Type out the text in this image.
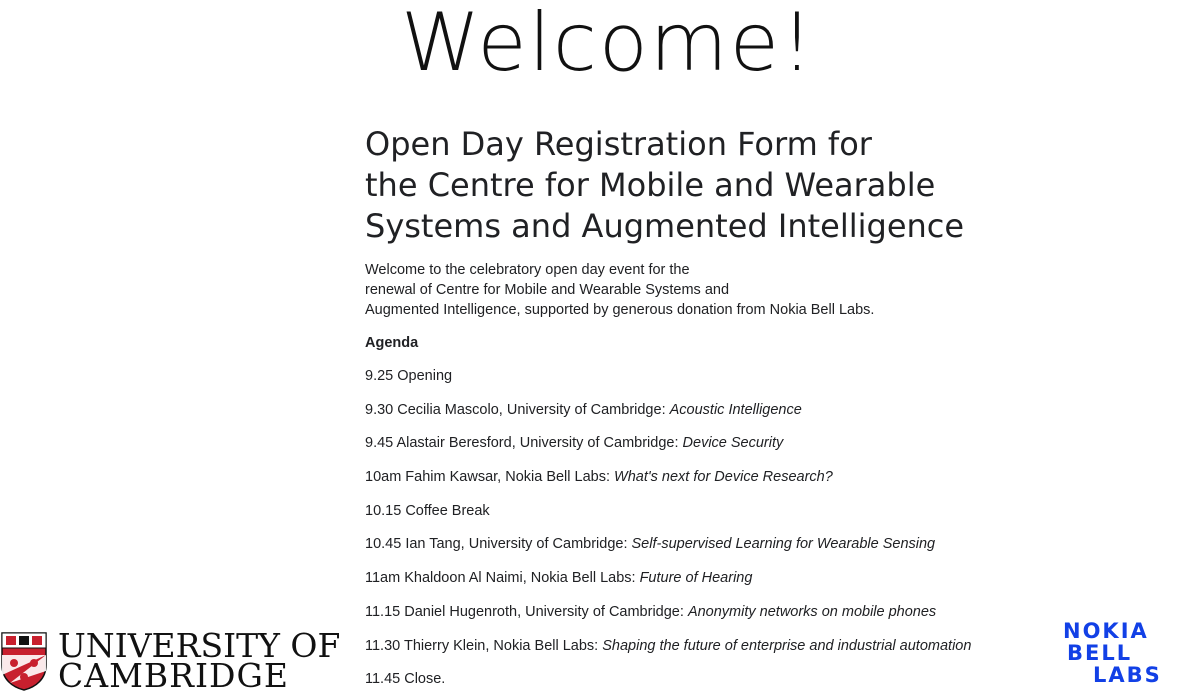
Welcome!
Open Day Registration Form for
the Centre for Mobile and Wearable
Systems and Augmented Intelligence
Welcome to the celebratory open day event for the
renewal of Centre for Mobile and Wearable Systems and
Augmented Intelligence, supported by generous donation from Nokia Bell Labs.
Agenda
9.25 Opening
9.30 Cecilia Mascolo, University of Cambridge: Acoustic Intelligence
9.45 Alastair Beresford, University of Cambridge: Device Security
10am Fahim Kawsar, Nokia Bell Labs: What's next for Device Research?
10.15 Coffee Break
10.45 Ian Tang, University of Cambridge: Self-supervised Learning for Wearable Sensing
11am Khaldoon Al Naimi, Nokia Bell Labs: Future of Hearing
11.15 Daniel Hugenroth, University of Cambridge: Anonymity networks on mobile phones
11.30 Thierry Klein, Nokia Bell Labs: Shaping the future of enterprise and industrial automation
11.45 Close.
UNIVERSITY OF
CAMBRIDGE
NOKIA
BELL
LABS
